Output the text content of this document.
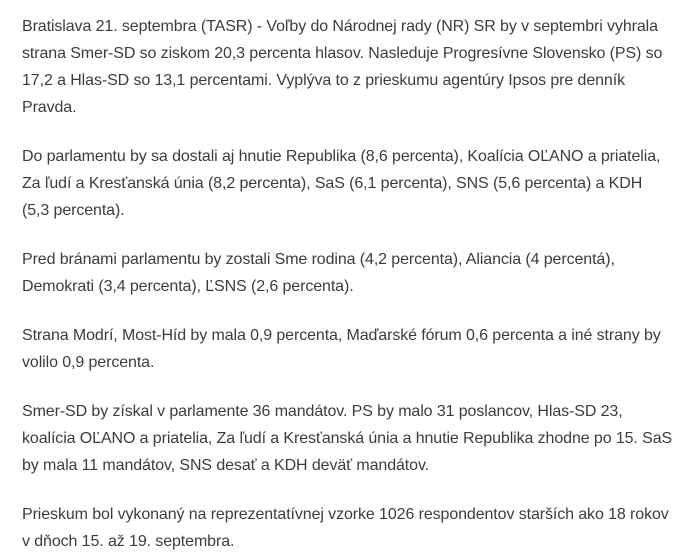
Bratislava 21. septembra (TASR) - Voľby do Národnej rady (NR) SR by v septembri vyhrala strana Smer-SD so ziskom 20,3 percenta hlasov. Nasleduje Progresívne Slovensko (PS) so 17,2 a Hlas-SD so 13,1 percentami. Vyplýva to z prieskumu agentúry Ipsos pre denník Pravda.

Do parlamentu by sa dostali aj hnutie Republika (8,6 percenta), Koalícia OĽANO a priatelia, Za ľudí a Kresťanská únia (8,2 percenta), SaS (6,1 percenta), SNS (5,6 percenta) a KDH (5,3 percenta).

Pred bránami parlamentu by zostali Sme rodina (4,2 percenta), Aliancia (4 percentá), Demokrati (3,4 percenta), ĽSNS (2,6 percenta).

Strana Modrí, Most-Híd by mala 0,9 percenta, Maďarské fórum 0,6 percenta a iné strany by volilo 0,9 percenta.

Smer-SD by získal v parlamente 36 mandátov. PS by malo 31 poslancov, Hlas-SD 23, koalícia OĽANO a priatelia, Za ľudí a Kresťanská únia a hnutie Republika zhodne po 15. SaS by mala 11 mandátov, SNS desať a KDH deväť mandátov.

Prieskum bol vykonaný na reprezentatívnej vzorke 1026 respondentov starších ako 18 rokov v dňoch 15. až 19. septembra.
